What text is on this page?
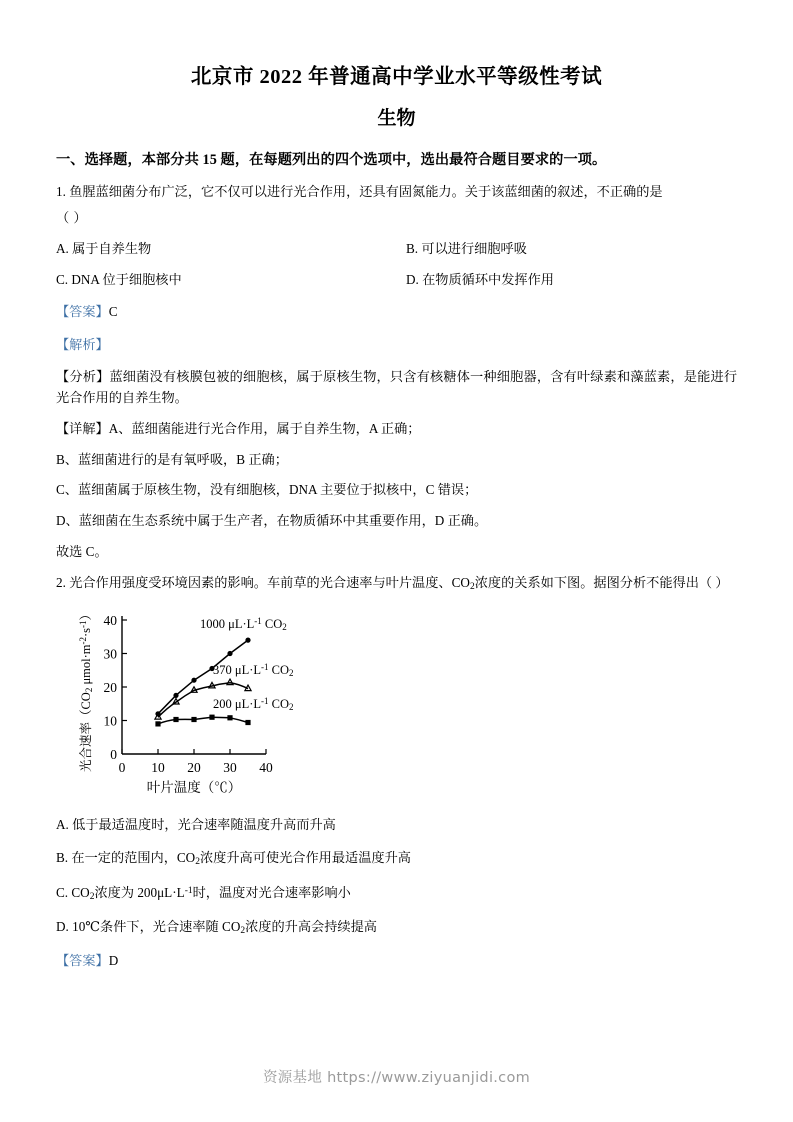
北京市 2022 年普通高中学业水平等级性考试
生物

一、选择题，本部分共 15 题，在每题列出的四个选项中，选出最符合题目要求的一项。

1. 鱼腥蓝细菌分布广泛，它不仅可以进行光合作用，还具有固氮能力。关于该蓝细菌的叙述，不正确的是

（ ）

A. 属于自养生物	B. 可以进行细胞呼吸
C. DNA 位于细胞核中	D. 在物质循环中发挥作用

【答案】C

【解析】

【分析】蓝细菌没有核膜包被的细胞核，属于原核生物，只含有核糖体一种细胞器，含有叶绿素和藻蓝素，是能进行光合作用的自养生物。

【详解】A、蓝细菌能进行光合作用，属于自养生物，A 正确；

B、蓝细菌进行的是有氧呼吸，B 正确；

C、蓝细菌属于原核生物，没有细胞核，DNA 主要位于拟核中，C 错误；

D、蓝细菌在生态系统中属于生产者，在物质循环中其重要作用，D 正确。

故选 C。

2. 光合作用强度受环境因素的影响。车前草的光合速率与叶片温度、$CO_2$浓度的关系如下图。据图分析不能得出（ ）

40
30
20
10
0
0 10 20 30 40
叶片温度（℃）
光合速率（CO2 μmol·m-2·s-1）
1000 μL·L-1 CO2
370 μL·L-1 CO2
200 μL·L-1 CO2
A. 低于最适温度时，光合速率随温度升高而升高
B. 在一定的范围内，$CO_2$浓度升高可使光合作用最适温度升高
C. $CO_2$浓度为 $200\mu L\cdot L^{-1}$时，温度对光合速率影响小
D. 10℃条件下，光合速率随 $CO_2$浓度的升高会持续提高

【答案】D

资源基地 https://www.ziyuanjidi.com
